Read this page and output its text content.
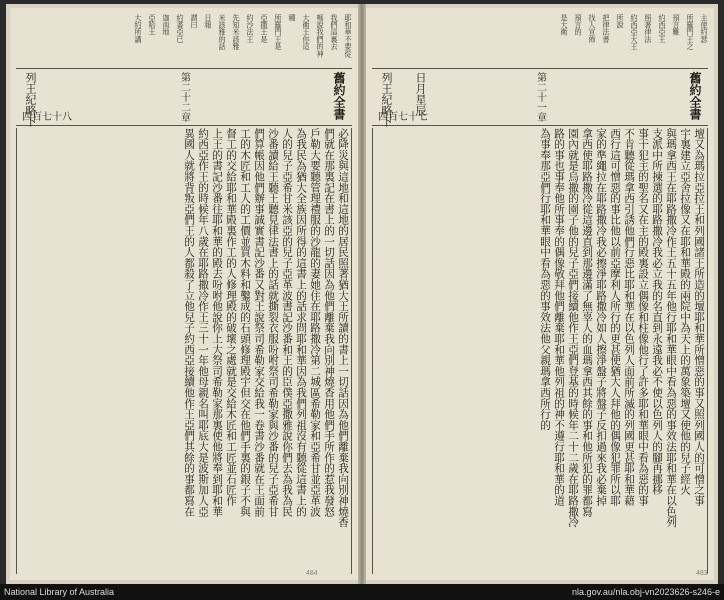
耶和華不要從
我們這裏去
嗎說我們的神
大衛王你這
種
所羅門王是
亞撒王是
約沙法王
先知米該雅
米該雅的話
日報
謂曰
約書亞已
迦南地
亞哈王
大約所講
舊約全書
第二十二章
列王紀略下
四百七十八
必降災與這地和這地的居民照著猶大王所讀的書上一切話因為他們離棄我向別神燒香
們就在那裏記在書上的一切話因為他們離棄我向別神燒香用他們手所作的惹我發怒
戶勒大要聽管理禮服的沙龍的妻她住在耶路撒冷第二城區希勒家和亞希甘並亞革波
為我民為猶大全族因所得的這書上的話求問耶和華因為我們列祖沒有聽從這書上的
人的兒子亞希甘米該亞的兒子亞革波書記沙番和王的臣僕亞撒雅說你們去為我為民
沙番讀給王聽王聽見律法書上的話就撕裂衣服吩咐祭司希勒家與沙番的兒子亞希甘
們算帳因他們辦事誠實書記沙番又對王說祭司希勒家交給我一卷書沙番就在王面前
工的木匠和工人的工價並買木料和鑿成的石頭修理殿宇但交在他們手裏的銀子不與
督工的交給耶和華殿裏作工的人修理殿的破壞之處就是交給木匠和工匠並石匠作
上王的書記沙番往耶和華的殿去吩咐他說你上大祭司希勒家那裏使他將奉到耶和華
約西亞作王的時候年八歲在耶路撒冷作王三十一年他母親名叫耶底大是波斯加人亞
異國人就將背叛亞們王的人都殺了立他兒子約西亞接續他作王亞們其餘的事都寫在
主使約瑟
所羅門王之
預言難
約西亞王
照著律法
約西亞大王
所說
把律法書
找人宣佈
預言的
是大衛
舊約全書
第二十一章
日月星辰
列王紀略下
四百七十七
壇又為瑪拉亞拉王和列國諸王所造的壇耶和華所憎惡的事又照列國人的可憎之事
宇裏建立亞舍拉像又在耶和華殿的兩院中為天上的萬象築壇又使他的兒子經火
與瑪拿西王在耶路撒冷作王五十五年他行耶和華眼中看為惡的事效法耶和華在以色列
支派中所揀選的耶路撒冷我必立我的名直到永遠我必不使以色列人的腳再挪移
事干犯主的聖名又在主的殿裏設立偶像和柱像他行了許多耶和華眼中看為惡的事
不肯聽從瑪拿西引誘他們行惡比耶和華在以色列人面前所滅的列國更甚耶和華藉
西行這可憎惡的事比他以前亞摩利人所行的更甚使猶大人拜他的偶像犯罪所以耶
家的準繩拉在耶路撒冷我必擦淨耶路撒冷如人擦淨盤子將盤子反扣過來我必棄掉
拿西使耶路撒冷從這邊直到那邊滿了無辜人的血瑪拿西其餘的事和他所犯的罪都寫
園內就是烏撒的園子他的兒子亞們接續他作王亞們登基的時候年二十二歲在耶路撒冷
路的事也事奉他所事奉的偶像敬拜他們離棄耶和華他列祖的神不遵行耶和華的道
為事奉那亞們行耶和華眼中看為惡的事效法他父親瑪拿西所行的
484	483
National Library of Australia	nla.gov.au/nla.obj-vn2023626-s246-e
